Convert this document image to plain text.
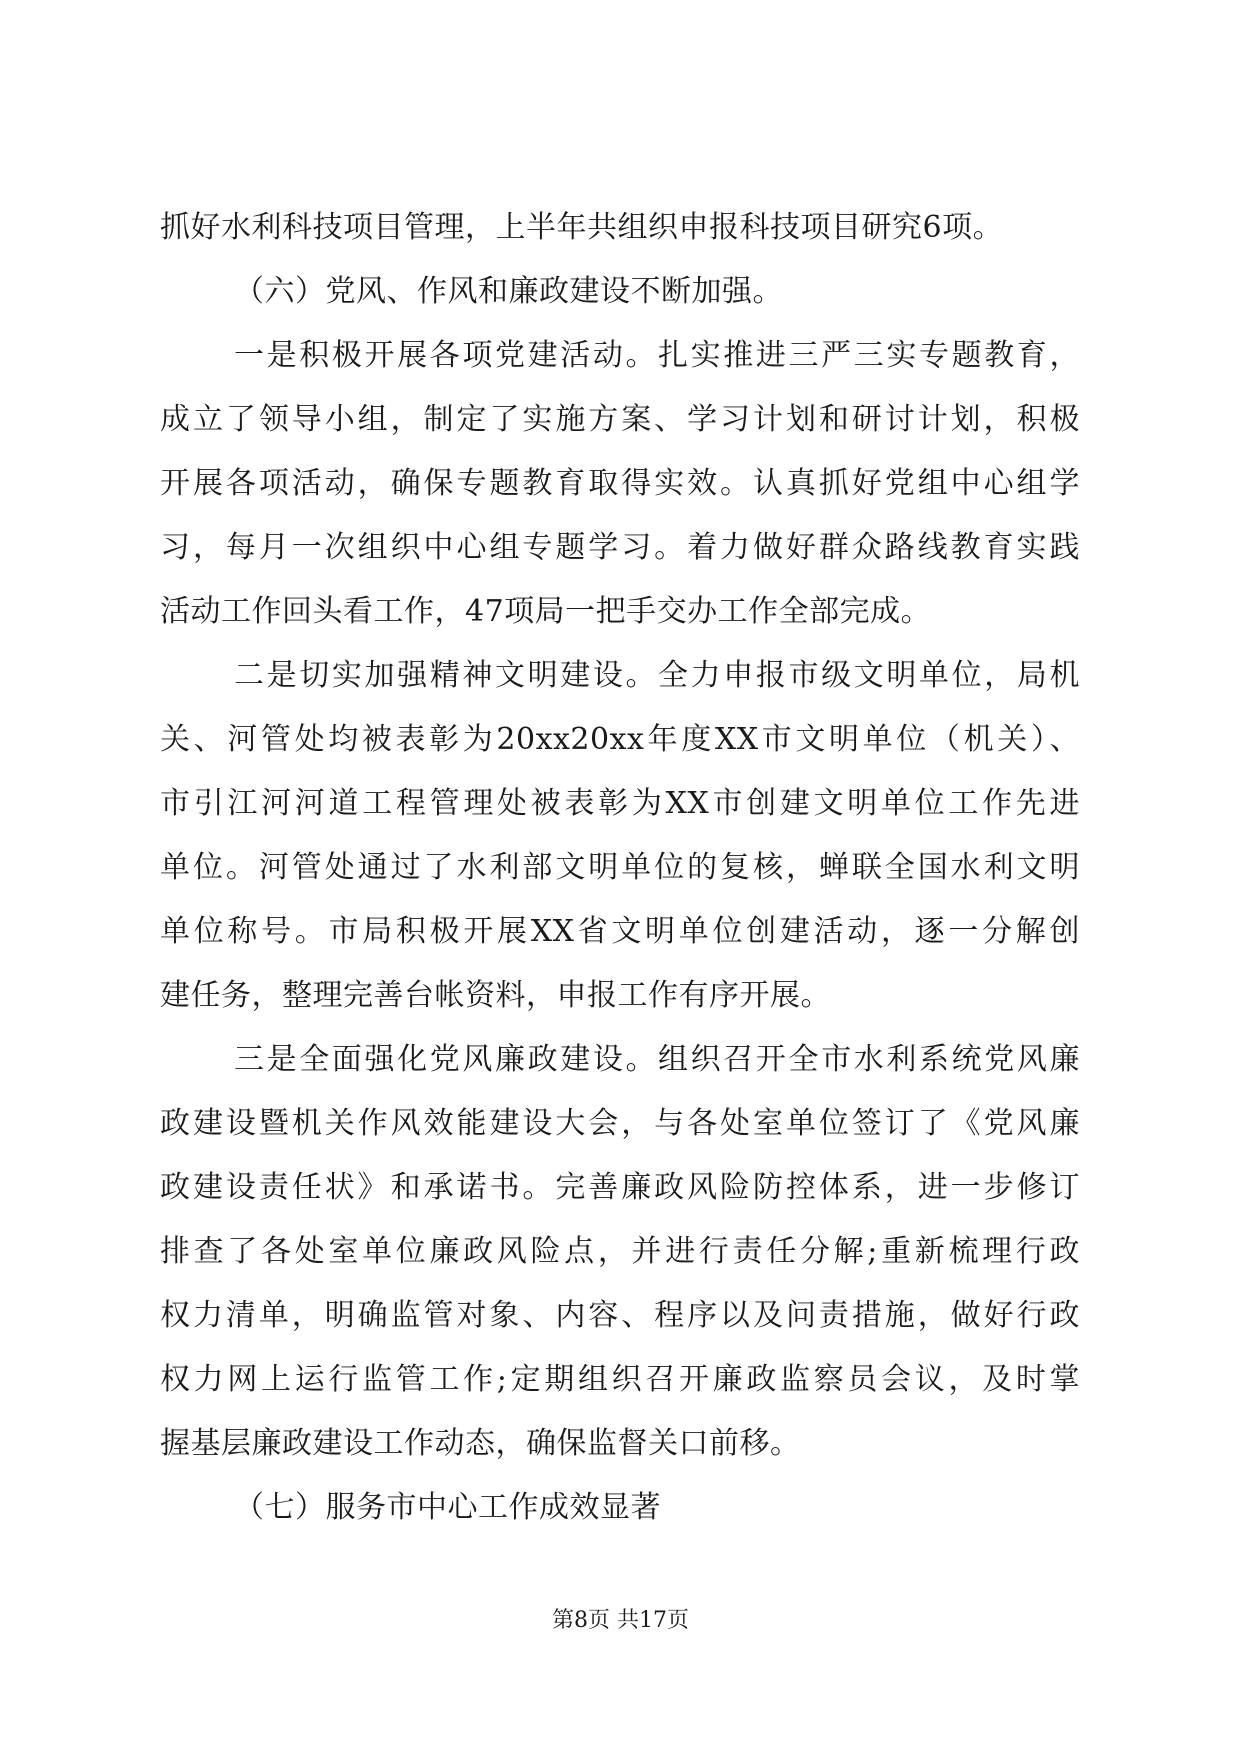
抓好水利科技项目管理，上半年共组织申报科技项目研究6项。
（六）党风、作风和廉政建设不断加强。
一是积极开展各项党建活动。扎实推进三严三实专题教育，
成立了领导小组，制定了实施方案、学习计划和研讨计划，积极
开展各项活动，确保专题教育取得实效。认真抓好党组中心组学
习，每月一次组织中心组专题学习。着力做好群众路线教育实践
活动工作回头看工作，47项局一把手交办工作全部完成。
二是切实加强精神文明建设。全力申报市级文明单位，局机
关、河管处均被表彰为20xx20xx年度XX市文明单位（机关）、
市引江河河道工程管理处被表彰为XX市创建文明单位工作先进
单位。河管处通过了水利部文明单位的复核，蝉联全国水利文明
单位称号。市局积极开展XX省文明单位创建活动，逐一分解创
建任务，整理完善台帐资料，申报工作有序开展。
三是全面强化党风廉政建设。组织召开全市水利系统党风廉
政建设暨机关作风效能建设大会，与各处室单位签订了《党风廉
政建设责任状》和承诺书。完善廉政风险防控体系，进一步修订
排查了各处室单位廉政风险点，并进行责任分解;重新梳理行政
权力清单，明确监管对象、内容、程序以及问责措施，做好行政
权力网上运行监管工作;定期组织召开廉政监察员会议，及时掌
握基层廉政建设工作动态，确保监督关口前移。
（七）服务市中心工作成效显著
第8页 共17页
